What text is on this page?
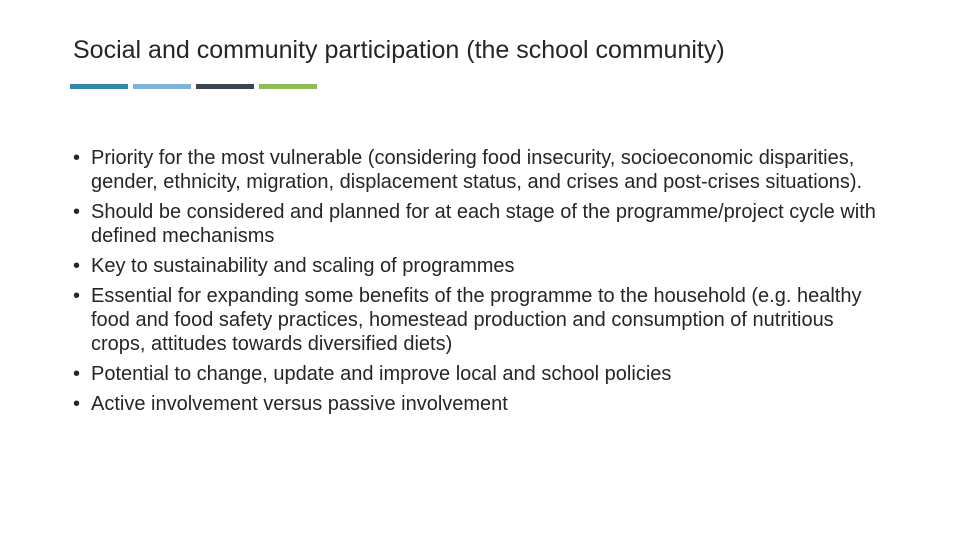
Social and community participation (the school community)
• Priority for the most vulnerable (considering food insecurity, socioeconomic disparities, gender, ethnicity, migration, displacement status, and crises and post-crises situations).
• Should be considered and planned for at each stage of the programme/project cycle with defined mechanisms
• Key to sustainability and scaling of programmes
• Essential for expanding some benefits of the programme to the household (e.g. healthy food and food safety practices, homestead production and consumption of nutritious crops, attitudes towards diversified diets)
• Potential to change, update and improve local and school policies
• Active involvement versus passive involvement
